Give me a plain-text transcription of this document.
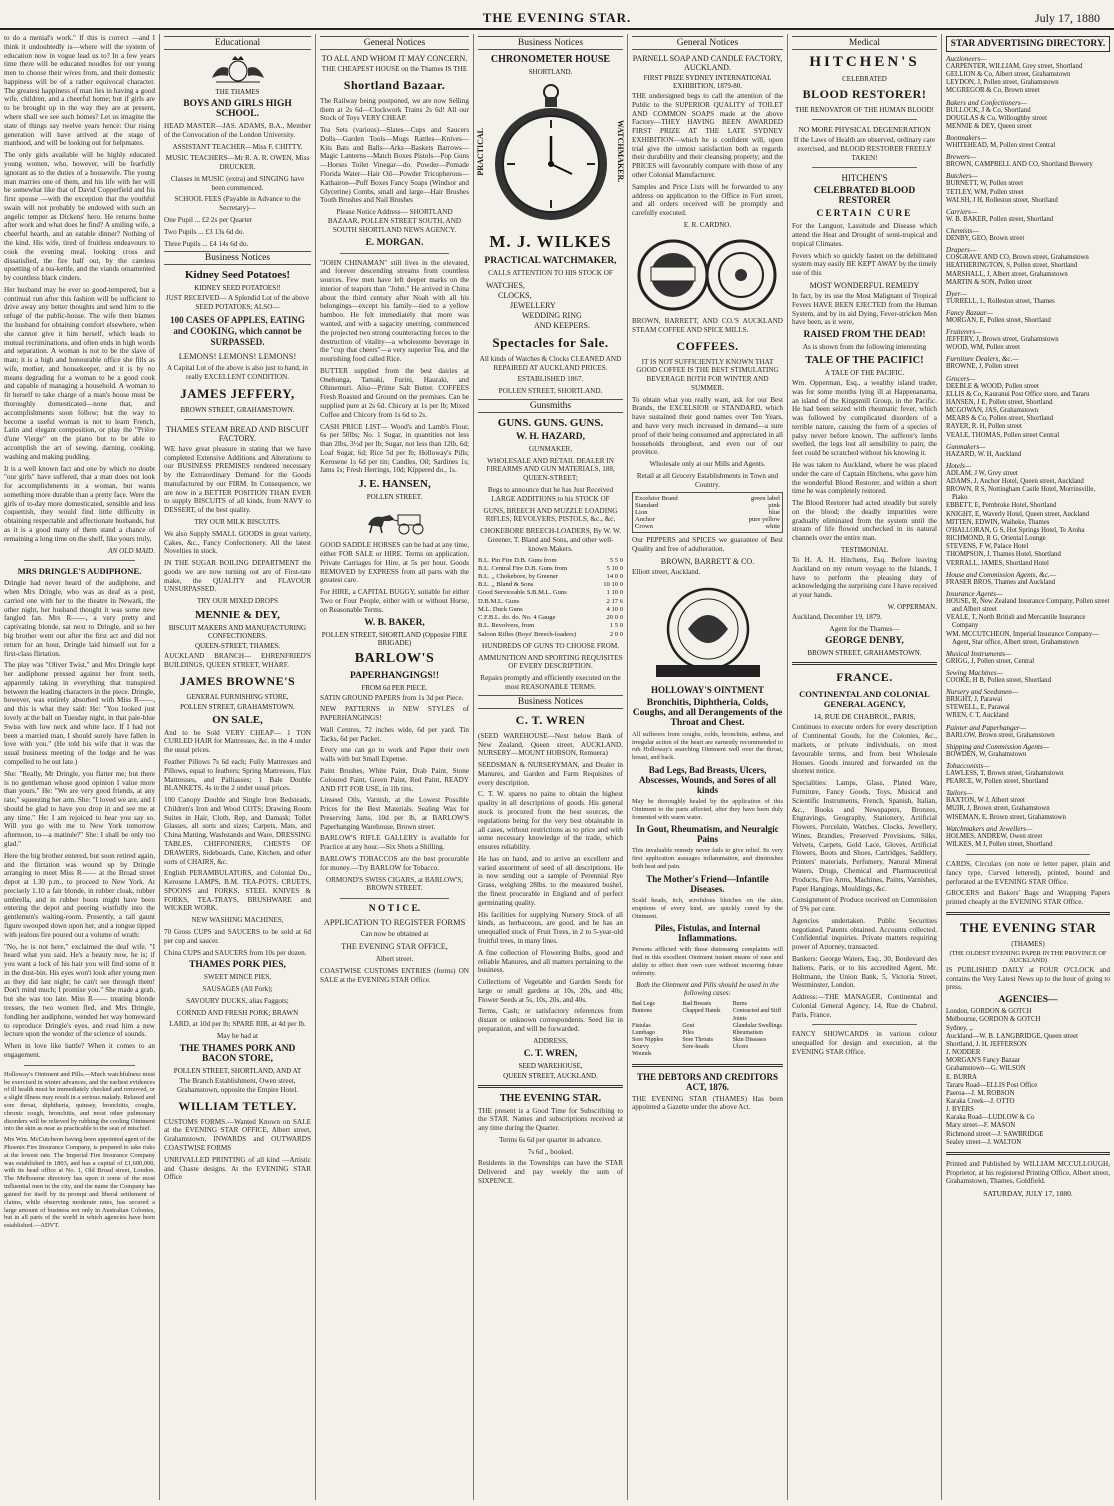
THE EVENING STAR.	July 17, 1880

to do a menial's work." If this is correct —and I think it undoubtedly is—where will the system of education now in vogue lead us to? In a few years time there will be educated noodles for our young men to choose their wives from, and their domestic happiness will be of a rather equivocal character. The greatest happiness of man lies in having a good wife, children, and a cheerful home; but if girls are to be brought up in the way they are at present, where shall we see such homes? Let us imagine the state of things say twelve years hence: Our rising generation will have arrived at the stage of manhood, and will be looking out for helpmates.

The only girls available will be highly educated young women, who, however, will be fearfully ignorant as to the duties of a housewife. The young man marries one of them, and his life with her will be somewhat like that of David Copperfield and his first spouse —with the exception that the youthful swain will not probably be endowed with such an angelic temper as Dickens' hero. He returns home after work and what does he find? A smiling wife, a cheerful hearth, and an eatable dinner? Nothing of the kind. His wife, tired of fruitless endeavours to cook the evening meal, looking cross and dissatisfied, the fire half out, by the careless upsetting of a tea-kettle, and the viands ornamented by countless black cinders.

Her husband may be ever so good-tempered, but a continual run after this fashion will be sufficient to drive away any better thoughts and send him to the refuge of the public-house. The wife then blames the husband for obtaining comfort elsewhere, when she cannot give it him herself, which leads to mutual recriminations, and often ends in high words and separation. A woman is not to be the slave of man; it is a high and honourable office she fills as wife, mother, and housekeeper, and it is by no means degrading for a woman to be a good cook and capable of managing a household. A woman to fit herself to take charge of a man's house must be thoroughly domesticated—none that, and accomplishments soon follow; but the way to become a useful woman is not to learn French, Latin and elegant composition, or play the "Prière d'une Vierge" on the piano but to be able to accomplish the art of sewing, darning, cooking, washing and making pudding.

It is a well known fact and one by which no doubt "our girls" have suffered, that a man does not look for accomplishments in a woman, but wants something more durable than a pretty face. Were the girls of to-day more domesticated, sensible and less coquettish, they would find little difficulty in obtaining respectable and affectionate husbands, but as it is a good many of them stand a chance of remaining a long time on the shelf, like yours truly,

AN OLD MAID.

MRS DRINGLE'S AUDIPHONE.

Dringle had never heard of the audiphone, and when Mrs Dringle, who was as deaf as a post, carried one with her to the theatre in Newark, the other night, her husband thought it was some new fangled fan. Mrs R——, a very pretty and captivating blonde, sat next to Dringle, and so her big brother went out after the first act and did not return for an hour, Dringle laid himself out for a first-class flirtation.

The play was "Oliver Twist," and Mrs Dringle kept her audiphone pressed against her front teeth, apparently taking in everything that transpired between the leading characters in the piece. Dringle, however, was entirely absorbed with Miss R——, and this is what they said: He: "You looked just lovely at the ball on Tuesday night, in that pale-blue Swiss with low neck and white lace. If I had not been a married man, I should surely have fallen in love with you." (He told his wife that it was the usual business meeting of the lodge and he was compelled to be out late.)

She: "Really, Mr Dringle, you flatter me; but there is no gentleman whose good opinion I value more than yours." He: "We are very good friends, at any rate," squeezing her arm. She: "I loved we are, and I should be glad to have you drop in and see me at any time." He: I am rejoiced to hear you say so. Will you go with me to New York tomorrow afternoon, to—a matinée?" She: I shall be only too glad."

Here the big brother entered, but soon retired again, and the flirtation was wound up by Dringle arranging to meet Miss R—— at the Broad street depot at 1.30 p.m., to proceed to New York. At precisely 1.10 a fair blonde, in rubber cloak, rubber umbrella, and in rubber boots might have been entering the depot and peering wistfully into the gentlemen's waiting-room. Presently, a tall gaunt figure swooped down upon her, and a tongue tipped with jealous fire poured out a volume of wrath:

"No, he is not here," exclaimed the deaf wife. "I heard what you said. He's a beauty now, he is; if you want a lock of his hair you will find some of it in the dust-bin. His eyes won't look after young men as they did last night; he can't see through them! Don't mind much; I promise you." She made a grab, but she was too late. Miss R—— treating blonde tresses, the two women fled, and Mrs Dringle, fondling her audiphone, wended her way homeward to reproduce Dringle's eyes, and read him a new lecture upon the wonder of the science of sounds.

When in love like battle? When it comes to an engagement.

Holloway's Ointment and Pills.—Much watchfulness must be exercised in winter advances, and the earliest evidences of ill health must be immediately checked and removed, or a slight illness may result in a serious malady. Relaxed and sore throat, diphtheria, quinsey, bronchitis, coughs, chronic cough, bronchitis, and most other pulmonary disorders will be relieved by rubbing the cooling Ointment into the skin as near as practicable to the seat of mischief.

Mrs Wm. McCutcheon having been appointed agent of the Phoenix Fire Insurance Company, is prepared to take risks at the lowest rate. The Imperial Fire Insurance Company was established in 1803, and has a capital of £1,600,000, with its head office at No. 1, Old Broad street, London. The Melbourne directory has upon it some of the most influential men in the city, and the name the Company has gained for itself by its prompt and liberal settlement of claims, while observing moderate rates, has secured a large amount of business not only in Australian Colonies, but in all parts of the world in which agencies have been established.—ADVT.

Educational
THE THAMES
BOYS AND GIRLS HIGH SCHOOL.

HEAD MASTER—JAS. ADAMS, B.A., Member of the Convocation of the London University.

ASSISTANT TEACHER—Miss F. CHITTY.

MUSIC TEACHERS—Mr R. A. R. OWEN, Miss DRUCKER.

Classes in MUSIC (extra) and SINGING have been commenced.

SCHOOL FEES (Payable in Advance to the Secretary)—

One Pupil ... £2 2s per Quarter

Two Pupils ... £3 13s 6d do.

Three Pupils ... £4 14s 6d do.

Business Notices
Kidney Seed Potatoes!
KIDNEY SEED POTATOES!!

JUST RECEIVED— A Splendid Lot of the above SEED POTATOES; ALSO—

100 CASES OF APPLES, EATING and COOKING, which cannot be SURPASSED.

LEMONS! LEMONS! LEMONS!

A Capital Lot of the above is also just to hand, in really EXCELLENT CONDITION.

JAMES JEFFERY,
BROWN STREET, GRAHAMSTOWN.
THAMES STEAM BREAD AND BISCUIT FACTORY.

WE have great pleasure in stating that we have completed Extensive Additions and Alterations to our BUSINESS PREMISES rendered necessary by the Extraordinary Demand for the Goods manufactured by our FIRM. In Consequence, we are now in a BETTER POSITION THAN EVER to supply BISCUITS of all kinds, from NAVY to DESSERT, of the best quality.

TRY OUR MILK BISCUITS.

We also Supply SMALL GOODS in great variety, Cakes, &c., Fancy Confectionery. All the latest Novelties in stock.

IN THE SUGAR BOILING DEPARTMENT the goods we are now turning out are of First-rate make, the QUALITY and FLAVOUR UNSURPASSED.

TRY OUR MIXED DROPS

MENNIE & DEY,
BISCUIT MAKERS AND MANUFACTURING CONFECTIONERS.
QUEEN-STREET, THAMES.

AUCKLAND BRANCH— EHRENFRIED'S BUILDINGS, QUEEN STREET, WHARF.

JAMES BROWNE'S
GENERAL FURNISHING STORE,
POLLEN STREET, GRAHAMSTOWN.
ON SALE,

And to be Sold VERY CHEAP— 1 TON CURLED HAIR for Mattresses, &c. in the 4 under the usual prices.

Feather Pillows 7s 6d each; Fully Mattresses and Pillows, equal to feathers; Spring Mattresses, Flax Mattresses, and Palliasses; 1 Bale Double BLANKETS, 4s in the 2 under usual prices.

100 Canopy Double and Single Iron Bedsteads, Children's Iron and Wood COTS; Drawing Room Suites in Hair, Cloth, Rep, and Damask; Toilet Glasses, all sorts and sizes; Carpets, Mats, and China Matting, Washstands and Ware, DRESSING TABLES, CHIFFONIERS, CHESTS OF DRAWERS, Sideboards, Cane, Kitchen, and other sorts of CHAIRS, &c.

English PERAMBULATORS, and Colonial Do., Kerosene LAMPS, B.M. TEA-POTS, CRUETS, SPOONS and FORKS, STEEL KNIVES & FORKS, TEA-TRAYS, BRUSHWARE and WICKER WORK.

NEW WASHING MACHINES,

70 Gross CUPS and SAUCERS to be sold at 6d per cup and saucer.

China CUPS and SAUCERS from 10s per dozen.

THAMES PORK PIES,

SWEET MINCE PIES,

SAUSAGES (All Pork);

SAVOURY DUCKS, alias Faggots;

CORNED AND FRESH PORK; BRAWN

LARD, at 10d per lb; SPARE RIB, at 4d per lb.

May be had at

THE THAMES PORK AND BACON STORE,
POLLEN STREET, SHORTLAND, AND AT

The Branch Establishment, Owen street, Grahamstown, opposite the Empire Hotel.

WILLIAM TETLEY.

CUSTOMS FORMS.—Wanted Known on SALE at the EVENING STAR OFFICE, Albert street, Grahamstown, INWARDS and OUTWARDS COASTWISE FORMS

UNRIVALLED PRINTING of all kind —Artistic and Chaste designs. At the EVENING STAR Office

General Notices
TO ALL AND WHOM IT MAY CONCERN.

THE CHEAPEST HOUSE on the Thames IS THE

Shortland Bazaar.

The Railway being postponed, we are now Selling them at 2s 6d—Clockwork Trains 2s 6d! All our Stock of Toys VERY CHEAP.

Tea Sets (various)—Slates—Cups and Saucers Dolls—Garden Tools—Mugs Rattles—Knives—Kits Bats and Balls—Arks—Baskets Barrows—Magic Lanterns—Match Boxes Pistols—Pop Guns—Horses Toilet Vinegar—do. Powder—Pomade Florida Water—Hair Oil—Powder Tricopherous—Kathairon—Puff Boxes Fancy Soaps (Windsor and Glycerine) Combs, small and large—Hair Brushes Tooth Brushes and Nail Brushes

Please Notice Address— SHORTLAND BAZAAR, POLLEN STREET SOUTH, AND SOUTH SHORTLAND NEWS AGENCY.

E. MORGAN.

"JOHN CHINAMAN" still lives in the elevated, and forever descending streams from countless sources. Few men have left deeper marks on the interior of teapots than "John." He arrived in China about the third century after Noah with all his belongings—except his family—tied to a yellow bamboo. He felt immediately that more was wanted, and with a sagacity unerring, commenced the projected two strong counteracting forces to the destruction of vitality—a wholesome beverage in the "cup that cheers"—a very superior Tea, and the nourishing food called Rice.

BUTTER supplied from the best dairies at Onehunga, Tamaki, Furini, Hauraki, and Ohinemuri. Also—Prime Salt Butter. COFFEES Fresh Roasted and Ground on the premises. Can be supplied pure at 2s 6d. Chicory at 1s per lb; Mixed Coffee and Chicory from 1s 6d to 2s.

CASH PRICE LIST— Wood's and Lamb's Flour, 6s per 50lbs; No. 1 Sugar, in quantities not less than 2lbs, 3½d per lb; Sugar, not less than 12lb, 6d; Loaf Sugar, 6d; Rice 5d per lb; Holloway's Pills; Kerosene 1s 6d per tin; Candles, Oil; Sardines 1s; Jams 1s; Fresh Herrings, 10d; Kippered do., 1s.

J. E. HANSEN,
POLLEN STREET.

GOOD SADDLE HORSES can be had at any time, either FOR SALE or HIRE. Terms on application. Private Carriages for Hire, at 5s per hour. Goods REMOVED by EXPRESS from all parts with the greatest care.

For HIRE, a CAPITAL BUGGY, suitable for either Two or Four People, either with or without Horse, on Reasonable Terms.

W. B. BAKER,
POLLEN STREET, SHORTLAND (Opposite FIRE BRIGADE)
BARLOW'S
PAPERHANGINGS!!
FROM 6d PER PIECE.

SATIN GROUND PAPERS from 1s 3d per Piece.

NEW PATTERNS in NEW STYLES of PAPERHANGINGS!

Wall Centres, 72 inches wide, 6d per yard. Tin Tacks, 6d per Packet.

Every one can go to work and Paper their own walls with but Small Expense.

Paint Brushes, White Paint, Drab Paint, Stone Coloured Paint, Green Paint, Red Paint, READY AND FIT FOR USE, in 1lb tins.

Linseed Oils, Varnish, at the Lowest Possible Prices for the Best Materials. Sealing Wax for Preserving Jams, 10d per lb, at BARLOW'S Paperhanging Warehouse, Brown street.

BARLOW'S RIFLE GALLERY is available for Practice at any hour.—Six Shots a Shilling.

BARLOW'S TOBACCOS are the best procurable for money.—Try BARLOW for Tobacco.

ORMOND'S SWISS CIGARS, at BARLOW'S, BROWN STREET.

N O T I C E.

APPLICATION TO REGISTER FORMS

Can now be obtained at

THE EVENING STAR OFFICE,

Albert street.

COASTWISE CUSTOMS ENTRIES (forms) ON SALE at the EVENING STAR Office.

Business Notices
CHRONOMETER HOUSE
SHORTLAND.
PRACTICAL	WATCHMAKER.
M. J. WILKES
PRACTICAL WATCHMAKER,

CALLS ATTENTION TO HIS STOCK OF

WATCHES,
CLOCKS,
JEWELLERY
WEDDING RING
AND KEEPERS.
Spectacles for Sale.

All kinds of Watches & Clocks CLEANED AND REPAIRED AT AUCKLAND PRICES.

ESTABLISHED 1867.

POLLEN STREET, SHORTLAND.

Gunsmiths
GUNS. GUNS. GUNS.
W. H. HAZARD,

GUNMAKER,

WHOLESALE AND RETAIL DEALER IN FIREARMS AND GUN MATERIALS, 188, QUEEN-STREET;

Begs to announce that he has Just Received LARGE ADDITIONS to his STOCK OF

GUNS, BREECH AND MUZZLE LOADING RIFLES, REVOLVERS, PISTOLS, &c., &c.

CHOKEBORE BREECH-LOADERS, By W. W. Greener, T. Bland and Sons, and other well-known Makers.

B.L. Pin Fire D.B. Guns from	5 5 0
B.L. Central Fire D.B. Guns from	5 10 0
B.L. ,, Chokebore, by Greener	14 0 0
B.L. ,, Bland & Sons	10 10 0
Good Serviceable S.B.M.L. Guns	1 10 0
D.B.M.L. Guns	2 17 6
M.L. Duck Guns	4 10 0
C.F.B.L. do. do. No. 4 Gauge	20 0 0
B.L. Revolvers, from	1 5 0
Saloon Rifles (Boys' Breech-loaders)	2 0 0

HUNDREDS OF GUNS TO CHOOSE FROM.

AMMUNITION AND SPORTING REQUISITES OF EVERY DESCRIPTION.

Repairs promptly and efficiently executed on the most REASONABLE TERMS.

Business Notices
C. T. WREN

(SEED WAREHOUSE—Next below Bank of New Zealand, Queen street, AUCKLAND. NURSERY—MOUNT HOBSON, Remuera)

SEEDSMAN & NURSERYMAN, and Dealer in Manures, and Garden and Farm Requisites of every description.

C. T. W. spares no pains to obtain the highest quality in all descriptions of goods. His general stock is procured from the best sources, the regulations being for the very best obtainable in all cases, without restrictions as to price and with some necessary knowledge of the trade, which ensures reliability.

He has on hand, and to arrive an excellent and varied assortment of seed of all descriptions. He is now sending out a sample of Perennial Rye Grass, weighing 28lbs. to the measured bushel, the finest procurable in England and of perfect germinating quality.

His facilities for supplying Nursery Stock of all kinds, as herbaceous, are good, and he has an unequalled stock of Fruit Trees, in 2 to 5-year-old fruitful trees, in many lines.

A fine collection of Flowering Bulbs, good and reliable Manures, and all matters pertaining to the business.

Collections of Vegetable and Garden Seeds for large or small gardens at 10s, 20s, and 40s; Flower Seeds at 5s, 10s, 20s, and 40s.

Terms, Cash; or satisfactory references from distant or unknown correspondents. Seed list in preparation, and will be forwarded.

ADDRESS,

C. T. WREN,
SEED WAREHOUSE,
QUEEN STREET, AUCKLAND.
THE EVENING STAR.

THE present is a Good Time for Subscribing to the STAR. Names and subscriptions received at any time during the Quarter.

Terms 6s 6d per quarter in advance.

7s 6d ,, booked.

Residents in the Townships can have the STAR Delivered and pay weekly the sum of SIXPENCE.

General Notices
PARNELL SOAP AND CANDLE FACTORY, AUCKLAND.
FIRST PRIZE SYDNEY INTERNATIONAL EXHIBITION, 1879-80.

THE undersigned begs to call the attention of the Public to the SUPERIOR QUALITY of TOILET AND COMMON SOAPS made at the above Factory—THEY HAVING BEEN AWARDED FIRST PRIZE AT THE LATE SYDNEY EXHIBITION—which he is confident will, upon trial give the utmost satisfaction both as regards their durability and their cleansing property; and the PRICES will favourably compare with those of any other Colonial Manufacturer.

Samples and Price Lists will be forwarded to any address on application to the Office in Fort street, and all orders received will be promptly and carefully executed.

E. R. CARDNO.

BROWN, BARRETT, AND CO.'S AUCKLAND STEAM COFFEE AND SPICE MILLS.

COFFEES.

IT IS NOT SUFFICIENTLY KNOWN THAT GOOD COFFEE IS THE BEST STIMULATING BEVERAGE BOTH FOR WINTER AND SUMMER.

To obtain what you really want, ask for our Best Brands, the EXCELSIOR or STANDARD, which have sustained their good names over Ten Years, and have very much increased in demand—a sure proof of their being consumed and appreciated in all households throughout, and even out of our province.

Wholesale only at our Mills and Agents.

Retail at all Grocery Establishments in Town and Country.

Excelsior Brand	green label
Standard	pink
Lion	blue
Anchor	pure yellow
Crown	white

Our PEPPERS and SPICES we guarantee of Best Quality and free of adulteration.

BROWN, BARRETT & CO.

Elliott street, Auckland.

HOLLOWAY'S OINTMENT
Bronchitis, Diphtheria, Colds, Coughs, and all Derangements of the Throat and Chest.

All sufferers from coughs, colds, bronchitis, asthma, and irregular action of the heart are earnestly recommended to rub Holloway's searching Ointment well over the throat, breast, and back.

Bad Legs, Bad Breasts, Ulcers, Abscesses, Wounds, and Sores of all kinds

May be thoroughly healed by the application of this Ointment to the parts affected, after they have been duly fomented with warm water.

In Gout, Rheumatism, and Neuralgic Pains

This invaluable remedy never fails to give relief. Its very first application assuages inflammation, and diminishes both heat and pain.

The Mother's Friend—Infantile Diseases.

Scald heads, itch, scrofulous blotches on the skin, eruptions of every kind, are quickly cured by the Ointment.

Piles, Fistulas, and Internal Inflammations.

Persons afflicted with these distressing complaints will find in this excellent Ointment instant means of ease and ability to effect their own cure without incurring future infirmity.

Both the Ointment and Pills should be used in the following cases:

Bad Legs	Bad Breasts	Burns
Bunions	Chapped Hands	Contracted and Stiff Joints
Fistulas	Gout	Glandular Swellings
Lumbago	Piles	Rheumatism
Sore Nipples	Sore Throats	Skin Diseases
Scurvy	Sore-heads	Ulcers
Wounds
THE DEBTORS AND CREDITORS ACT, 1876.

THE EVENING STAR (THAMES) Has been appointed a Gazette under the above Act.

Medical
HITCHEN'S
CELEBRATED
BLOOD RESTORER!
THE RENOVATOR OF THE HUMAN BLOOD!
NO MORE PHYSICAL DEGENERATION

If the Laws of Health are observed, ordinary care exercised, and BLOOD RESTORER FREELY TAKEN!

HITCHEN'S
CELEBRATED BLOOD RESTORER
CERTAIN CURE

For the Languor, Lassitude and Disease which attend the Heat and Drought of semi-tropical and tropical Climates.

Fevers which so quickly fasten on the debilitated system may easily BE KEPT AWAY by the timely use of this

MOST WONDERFUL REMEDY

In fact, by its use the Most Malignant of Tropical Fevers HAVE BEEN EJECTED from the Human System, and by its aid Dying, Fever-stricken Men have been, as it were,

RAISED FROM THE DEAD!

As is shown from the following interesting

TALE OF THE PACIFIC!
A TALE OF THE PACIFIC.

Wm. Opperman, Esq., a wealthy island trader, was for some months lying ill at Happenanama, an island of the Kingsmill Group, in the Pacific. He had been seized with rheumatic fever, which was followed by complicated disorders of a terrible nature, causing the form of a species of palsy never before known. The sufferer's limbs swelled, the legs lost all sensibility to pain; the feet could be scratched without his knowing it.

He was taken to Auckland, where he was placed under the care of Captain Hitchens, who gave him the wonderful Blood Restorer, and within a short time he was completely restored.

The Blood Restorer had acted steadily but surely on the blood; the deadly impurities were gradually eliminated from the system until the stream of life flowed unchecked in its natural channels over the entire man.

TESTIMONIAL

To H. A. H. Hitchens, Esq. Before leaving Auckland on my return voyage to the Islands, I have to perform the pleasing duty of acknowledging the surprising cure I have received at your hands.

W. OPPERMAN.

Auckland, December 19, 1879.

Agent for the Thames—

GEORGE DENBY,
BROWN STREET, GRAHAMSTOWN.
FRANCE.
CONTINENTAL AND COLONIAL GENERAL AGENCY,
14, RUE DE CHABROL, PARIS,

Continues to execute orders for every description of Continental Goods, for the Colonies, &c., markets, or private individuals, on most favourable terms, and from best Wholesale Houses. Goods insured and forwarded on the shortest notice.

Specialities: Lamps, Glass, Plated Ware, Furniture, Fancy Goods, Toys, Musical and Scientific Instruments, French, Spanish, Italian, &c., Books and Newspapers, Bronzes, Engravings, Geography, Stationery, Artificial Flowers, Porcelain, Watches, Clocks, Jewellery, Wines, Brandies, Preserved Provisions, Silks, Velvets, Carpets, Gold Lace, Gloves, Artificial Flowers, Boots and Shoes, Cartridges, Saddlery, Printers' materials, Perfumery, Natural Mineral Waters, Drugs, Chemical and Pharmaceutical Products, Fire Arms, Machines, Paints, Varnishes, Paper Hangings, Mouldings, &c.

Consignment of Produce received on Commission of 5% per cent.

Agencies undertaken. Public Securities negotiated. Patents obtained. Accounts collected. Confidential inquiries. Private matters requiring power of Attorney, transacted.

Bankers: George Waters, Esq., 30, Boulevard des Italiens, Paris, or to his accredited Agent, Mr. Holtmann, the Union Bank, 5, Victoria Street, Westminster, London.

Address:—THE MANAGER, Continental and Colonial General Agency, 14, Rue de Chabrol, Paris, France.

FANCY SHOWCARDS in various colour unequalled for design and execution, at the EVENING STAR Office.

STAR ADVERTISING DIRECTORY.
Auctioneers—
CARPENTER, WILLIAM, Grey street, Shortland
GELLION & Co, Albert street, Grahamstown
LEYDON, J, Pollen street, Grahamstown
MCGREGOR & Co, Brown street
Bakers and Confectioners—
BULLOCK, J & Co, Shortland
DOUGLAS & Co, Willoughby street
MENNIE & DEY, Queen street
Bootmakers—
WHITEHEAD, M, Pollen street Central
Brewers—
BROWN, CAMPBELL AND CO, Shortland Brewery
Butchers—
BURNETT, W, Pollen street
TETLEY, WM, Pollen street
WALSH, J H, Rolleston street, Shortland
Carriers—
W. B. BAKER, Pollen street, Shortland
Chemists—
DENBY, GEO, Brown street
Drapers—
COSGRAVE AND CO, Brown street, Grahamstown
HEATHERINGTON, S, Pollen street, Shortland
MARSHALL, J, Albert street, Grahamstown
MARTIN & SON, Pollen street
Dyer—
TURRELL, L, Rolleston street, Thames
Fancy Bazaar—
MORGAN, E, Pollen street, Shortland
Fruiterers—
JEFFERY, J, Brown street, Grahamstown
WOOD, WM, Pollen street
Furniture Dealers, &c.—
BROWNE, J, Pollen street
Grocers—
DEEBLE & WOOD, Pollen street
ELLIS & Co, Kauranui Post Office store, and Tararu
HANSEN, J E, Pollen street, Shortland
MCGOWAN, JAS, Grahamstown
MEARS & Co, Pollen street, Shortland
RAYER, R. H, Pollen street
VEALE, THOMAS, Pollen street Central
Gunmakers—
HAZARD, W. H, Auckland
Hotels—
ADLAM, J W, Grey street
ADAMS, J, Anchor Hotel, Queen street, Auckland
BROWN, R S, Nottingham Castle Hotel, Morrinsville, Piako
EBBETT, E, Pembroke Hotel, Shortland
KNIGHT, E, Waverly Hotel, Queen street, Auckland
MITTEN, EDWIN, Waiheke, Thames
O'HALLORAN, G S, Hot Springs Hotel, Te Aroha
RICHMOND, R G, Oriental Lounge
STEVENS, F W, Palace Hotel
THOMPSON, J, Thames Hotel, Shortland
VERRALL, JAMES, Shortland Hotel
House and Commission Agents, &c.—
FRASER BROS, Thames and Auckland
Insurance Agents—
HOUSE, R, New Zealand Insurance Company, Pollen street and Albert street
VEALE, T, North British and Mercantile Insurance Company
WM. MCCUTCHEON, Imperial Insurance Company—Agent, Star office, Albert street, Grahamstown
Musical Instruments—
GRIGG, J, Pollen street, Central
Sewing Machines—
COOKE, H B, Pollen street, Shortland
Nursery and Seedsmen—
BRIGHT, J, Parawai
STEWELL, E, Parawai
WREN, C T, Auckland
Painter and Paperhanger—
BARLOW, Brown street, Grahamstown
Shipping and Commission Agents—
BOWDEN, W, Grahamstown
Tobacconists—
LAWLESS, T, Brown street, Grahamstown
PEARCE, W, Pollen street, Shortland
Tailors—
BAXTON, W J, Albert street
MUIR, J, Brown street, Grahamstown
WISEMAN, E, Brown street, Grahamstown
Watchmakers and Jewellers—
HOLMES, ANDREW, Owen street
WILKES, M J, Pollen street, Shortland

CARDS, Circulars (on note or letter paper, plain and fancy type, Curved lettered), printed, bound and perforated at the EVENING STAR Office.

GROCERS and Bakers' Bags and Wrapping Papers printed cheaply at the EVENING STAR Office.

THE EVENING STAR
(THAMES)
(THE OLDEST EVENING PAPER IN THE PROVINCE OF AUCKLAND)

IS PUBLISHED DAILY at FOUR O'CLOCK and contains the Very Latest News up to the hour of going to press.

AGENCIES—
London, GORDON & GOTCH
Melbourne, GORDON & GOTCH
Sydney, ,,
Auckland—W. B. LANGBRIDGE, Queen street
Shortland, J. H. JEFFERSON
J. NODDER
MORGAN'S Fancy Bazaar
Grahamstown—G. WILSON
E. BURRA
Tararu Road—ELLIS Post Office
Paeroa—J. M. ROBSON
Karaka Creek—J. OTTO
J. BYERS
Karaka Road—LUDLOW & Co
Mary street—F. MASON
Richmond street—J. SAWBRIDGE
Sealey street—J. WALTON

Printed and Published by WILLIAM MCCULLOUGH, Proprietor, at his registered Printing Office, Albert street, Grahamstown, Thames, Goldfield.

SATURDAY, JULY 17, 1880.
